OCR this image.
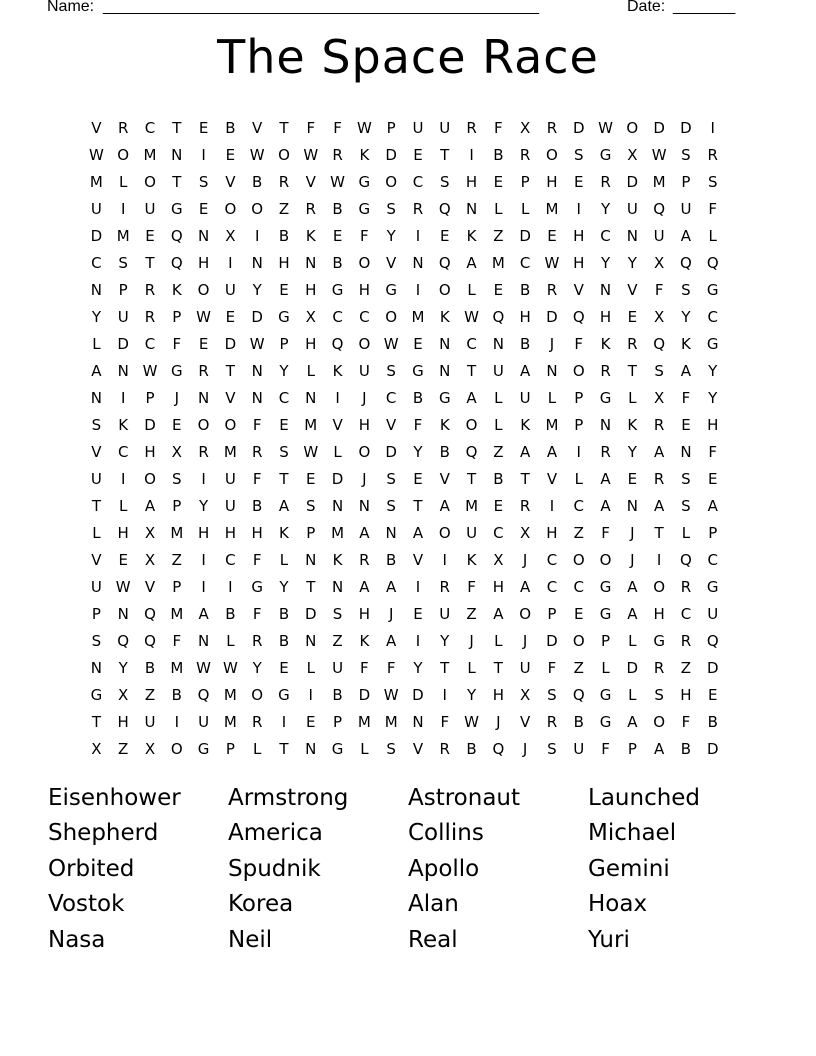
Name: _________________________________________________	Date: _______
The Space Race
V	R	C	T	E	B	V	T	F	F	W P	U	U	R	F	X	R	D W O	D	D	I
W O M N	I	E W O W R	K	D	E	T	I	B	R	O	S	G	X W S	R
M	L	O	T	S	V	B	R	V W G	O	C	S	H	E	P	H	E	R	D M	P	S
U	I	U	G	E	O O	Z	R	B	G	S	R	Q	N	L	L	M	I	Y	U	Q	U	F
D M	E	Q	N	X	I	B	K	E	F	Y	I	E	K	Z	D	E	H	C	N	U	A	L
C	S	T	Q	H	I	N	H	N	B	O	V	N	Q	A	M	C W H	Y	Y	X	Q Q
N	P	R	K	O	U	Y	E	H	G	H	G	I	O	L	E	B	R	V	N	V	F	S	G
Y	U	R	P W E	D	G	X	C	C	O M	K W Q	H	D	Q	H	E	X	Y	C
L	D	C	F	E	D W P	H	Q O W E	N	C	N	B	J	F	K	R	Q	K	G
A	N W G	R	T	N	Y	L	K	U	S	G	N	T	U	A	N	O	R	T	S	A	Y
N	I	P	J	N	V	N	C	N	I	J	C	B	G	A	L	U	L	P	G	L	X	F	Y
S	K	D	E	O O	F	E	M	V	H	V	F	K	O	L	K	M	P	N	K	R	E	H
V	C	H	X	R	M	R	S W	L	O	D	Y	B	Q	Z	A	A	I	R	Y	A	N	F
U	I	O	S	I	U	F	T	E	D	J	S	E	V	T	B	T	V	L	A	E	R	S	E
T	L	A	P	Y	U	B	A	S	N	N	S	T	A	M	E	R	I	C	A	N	A	S	A
L	H	X	M H	H	H	K	P	M	A	N	A	O	U	C	X	H	Z	F	J	T	L	P
V	E	X	Z	I	C	F	L	N	K	R	B	V	I	K	X	J	C	O O	J	I	Q	C
U W V	P	I	I	G	Y	T	N	A	A	I	R	F	H	A	C	C	G	A	O	R	G
P	N	Q M	A	B	F	B	D	S	H	J	E	U	Z	A	O	P	E	G	A	H	C	U
S	Q Q	F	N	L	R	B	N	Z	K	A	I	Y	J	L	J	D	O	P	L	G	R	Q
N	Y	B	M W W Y	E	L	U	F	F	Y	T	L	T	U	F	Z	L	D	R	Z	D
G	X	Z	B	Q M O	G	I	B	D W D	I	Y	H	X	S	Q	G	L	S	H	E
T	H	U	I	U M	R	I	E	P	M M N	F	W	J	V	R	B	G	A	O	F	B
X	Z	X	O	G	P	L	T	N	G	L	S	V	R	B	Q	J	S	U	F	P	A	B	D
Eisenhower	Armstrong	Astronaut	Launched
Shepherd	America	Collins	Michael
Orbited	Spudnik	Apollo	Gemini
Vostok	Korea	Alan	Hoax
Nasa	Neil	Real	Yuri
